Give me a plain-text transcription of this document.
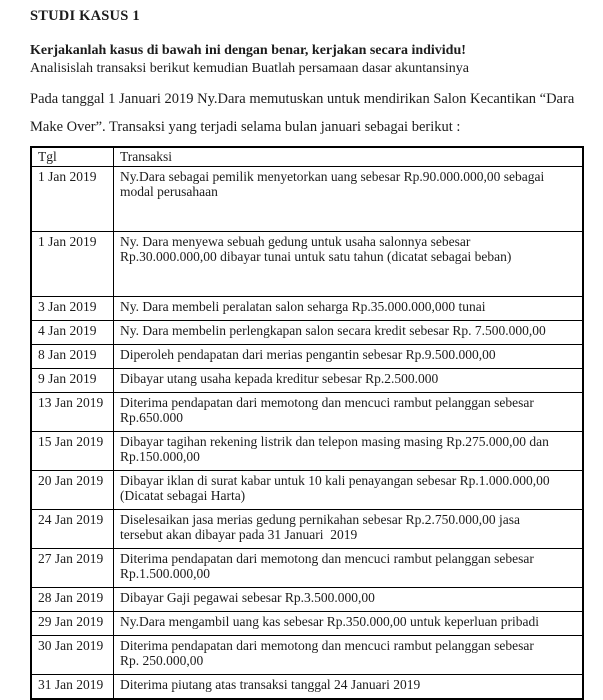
STUDI KASUS 1
Kerjakanlah kasus di bawah ini dengan benar, kerjakan secara individu!
Analisislah transaksi berikut kemudian Buatlah persamaan dasar akuntansinya
Pada tanggal 1 Januari 2019 Ny.Dara memutuskan untuk mendirikan Salon Kecantikan “Dara
Make Over”. Transaksi yang terjadi selama bulan januari sebagai berikut :
Tgl	Transaksi
1 Jan 2019	Ny.Dara sebagai pemilik menyetorkan uang sebesar Rp.90.000.000,00 sebagai
modal perusahaan

1 Jan 2019	Ny. Dara menyewa sebuah gedung untuk usaha salonnya sebesar
Rp.30.000.000,00 dibayar tunai untuk satu tahun (dicatat sebagai beban)

3 Jan 2019	Ny. Dara membeli peralatan salon seharga Rp.35.000.000,000 tunai

4 Jan 2019	Ny. Dara membelin perlengkapan salon secara kredit sebesar Rp. 7.500.000,00

8 Jan 2019	Diperoleh pendapatan dari merias pengantin sebesar Rp.9.500.000,00

9 Jan 2019	Dibayar utang usaha kepada kreditur sebesar Rp.2.500.000

13 Jan 2019	Diterima pendapatan dari memotong dan mencuci rambut pelanggan sebesar
Rp.650.000

15 Jan 2019	Dibayar tagihan rekening listrik dan telepon masing masing Rp.275.000,00 dan
Rp.150.000,00

20 Jan 2019	Dibayar iklan di surat kabar untuk 10 kali penayangan sebesar Rp.1.000.000,00
(Dicatat sebagai Harta)

24 Jan 2019	Diselesaikan jasa merias gedung pernikahan sebesar Rp.2.750.000,00 jasa
tersebut akan dibayar pada 31 Januari  2019

27 Jan 2019	Diterima pendapatan dari memotong dan mencuci rambut pelanggan sebesar
Rp.1.500.000,00

28 Jan 2019	Dibayar Gaji pegawai sebesar Rp.3.500.000,00

29 Jan 2019	Ny.Dara mengambil uang kas sebesar Rp.350.000,00 untuk keperluan pribadi

30 Jan 2019	Diterima pendapatan dari memotong dan mencuci rambut pelanggan sebesar
Rp. 250.000,00

31 Jan 2019	Diterima piutang atas transaksi tanggal 24 Januari 2019
